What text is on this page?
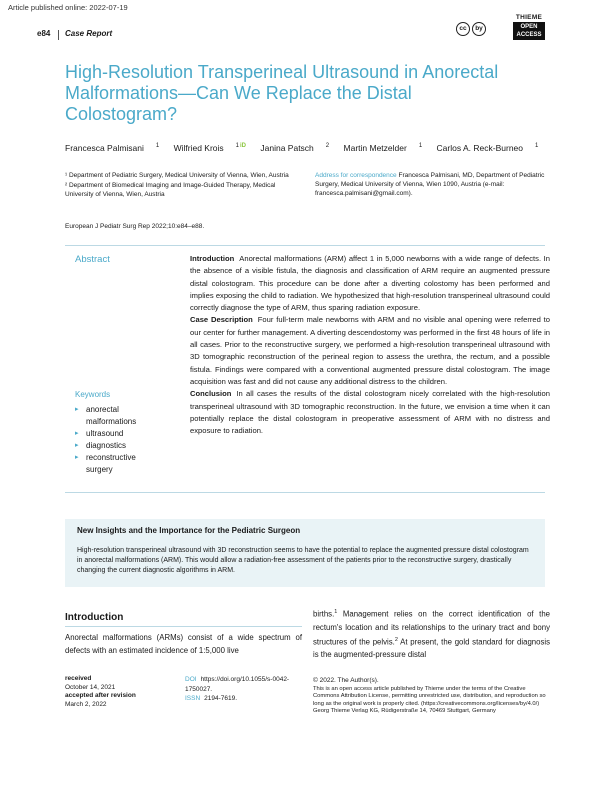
Article published online: 2022-07-19
e84 Case Report
cc	by
THIEME
OPEN
ACCESS
High-Resolution Transperineal Ultrasound in Anorectal Malformations—Can We Replace the Distal Colostogram?
Francesca Palmisani $^1$ Wilfried Krois $^{1iD}$ Janina Patsch $^2$ Martin Metzelder $^1$ Carlos A. Reck-Burneo $^1$

¹ Department of Pediatric Surgery, Medical University of Vienna, Wien, Austria

² Department of Biomedical Imaging and Image-Guided Therapy, Medical University of Vienna, Wien, Austria

Address for correspondence Francesca Palmisani, MD, Department of Pediatric Surgery, Medical University of Vienna, Wien 1090, Austria (e-mail: francesca.palmisani@gmail.com).
European J Pediatr Surg Rep 2022;10:e84–e88.
Abstract
Keywords
▸ anorectal malformations
▸ ultrasound
▸ diagnostics
▸ reconstructive surgery

Introduction Anorectal malformations (ARM) affect 1 in 5,000 newborns with a wide range of defects. In the absence of a visible fistula, the diagnosis and classification of ARM require an augmented pressure distal colostogram. This procedure can be done after a diverting colostomy has been performed and implies exposing the child to radiation. We hypothesized that high-resolution transperineal ultrasound could correctly diagnose the type of ARM, thus sparing radiation exposure.

Case Description Four full-term male newborns with ARM and no visible anal opening were referred to our center for further management. A diverting descendostomy was performed in the first 48 hours of life in all cases. Prior to the reconstructive surgery, we performed a high-resolution transperineal ultrasound with 3D tomographic reconstruction of the perineal region to assess the urethra, the rectum, and a possible fistula. Findings were compared with a conventional augmented pressure distal colostogram. The image acquisition was fast and did not cause any additional distress to the children.

Conclusion In all cases the results of the distal colostogram nicely correlated with the high-resolution transperineal ultrasound with 3D tomographic reconstruction. In the future, we envision a time when it can potentially replace the distal colostogram in preoperative assessment of ARM with no distress and exposure to radiation.

New Insights and the Importance for the Pediatric Surgeon
High-resolution transperineal ultrasound with 3D reconstruction seems to have the potential to replace the augmented pressure distal colostogram in anorectal malformations (ARM). This would allow a radiation-free assessment of the patients prior to the reconstructive surgery, drastically changing the current diagnostic algorithms in ARM.
Introduction
Anorectal malformations (ARMs) consist of a wide spectrum of defects with an estimated incidence of 1:5,000 live
births.$^1$ Management relies on the correct identification of the rectum's location and its relationships to the urinary tract and bony structures of the pelvis.$^2$ At present, the gold standard for diagnosis is the augmented-pressure distal
received
October 14, 2021
accepted after revision
March 2, 2022
DOI https://doi.org/10.1055/s-0042-1750027.
ISSN 2194-7619.
© 2022. The Author(s).
This is an open access article published by Thieme under the terms of the Creative Commons Attribution License, permitting unrestricted use, distribution, and reproduction so long as the original work is properly cited. (https://creativecommons.org/licenses/by/4.0/)
Georg Thieme Verlag KG, Rüdigerstraße 14, 70469 Stuttgart, Germany
